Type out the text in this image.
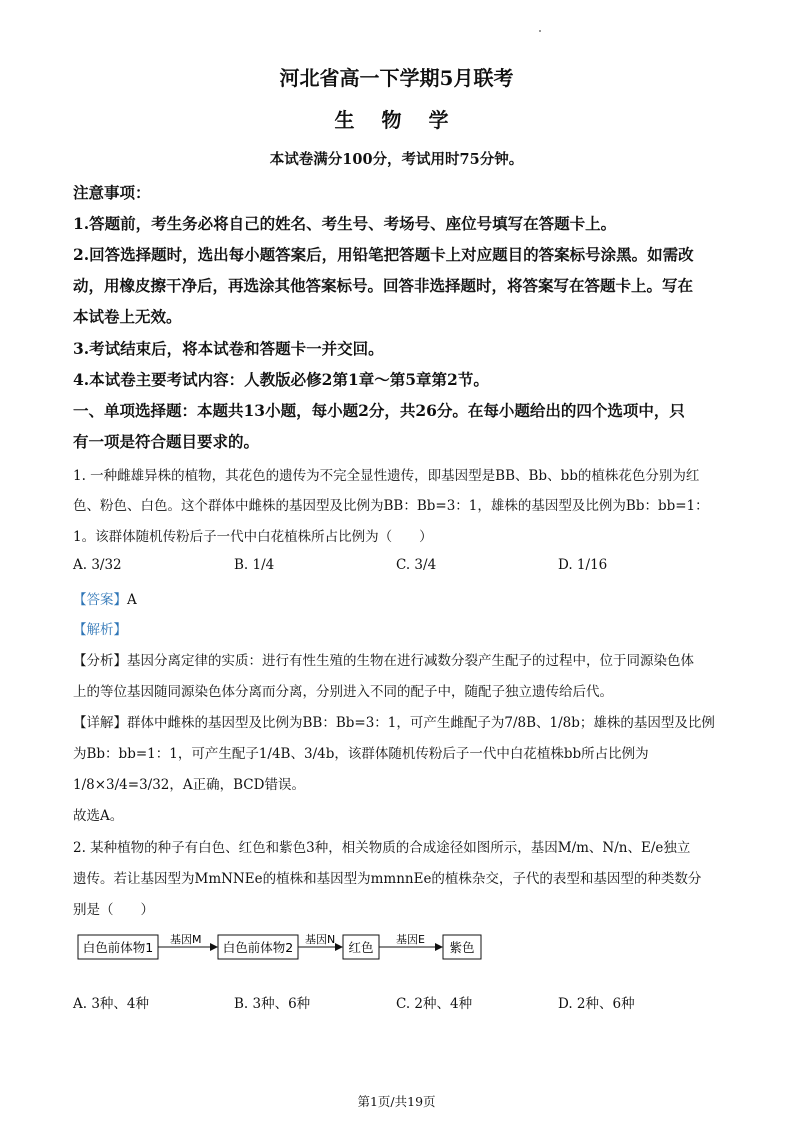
河北省高一下学期5月联考
生 物 学
本试卷满分100分，考试用时75分钟。
注意事项：
1.答题前，考生务必将自己的姓名、考生号、考场号、座位号填写在答题卡上。
2.回答选择题时，选出每小题答案后，用铅笔把答题卡上对应题目的答案标号涂黑。如需改
动，用橡皮擦干净后，再选涂其他答案标号。回答非选择题时，将答案写在答题卡上。写在
本试卷上无效。
3.考试结束后，将本试卷和答题卡一并交回。
4.本试卷主要考试内容：人教版必修2第1章～第5章第2节。
一、单项选择题：本题共13小题，每小题2分，共26分。在每小题给出的四个选项中，只
有一项是符合题目要求的。
1. 一种雌雄异株的植物，其花色的遗传为不完全显性遗传，即基因型是BB、Bb、bb的植株花色分别为红
色、粉色、白色。这个群体中雌株的基因型及比例为BB：Bb=3：1，雄株的基因型及比例为Bb：bb=1：
1。该群体随机传粉后子一代中白花植株所占比例为（　　）
A. 3/32	B. 1/4	C. 3/4	D. 1/16
【答案】A
【解析】
【分析】基因分离定律的实质：进行有性生殖的生物在进行减数分裂产生配子的过程中，位于同源染色体
上的等位基因随同源染色体分离而分离，分别进入不同的配子中，随配子独立遗传给后代。
【详解】群体中雌株的基因型及比例为BB：Bb=3：1，可产生雌配子为7/8B、1/8b；雄株的基因型及比例
为Bb：bb=1：1，可产生配子1/4B、3/4b，该群体随机传粉后子一代中白花植株bb所占比例为
1/8×3/4=3/32，A正确，BCD错误。
故选A。
2. 某种植物的种子有白色、红色和紫色3种，相关物质的合成途径如图所示，基因M/m、N/n、E/e独立
遗传。若让基因型为MmNNEe的植株和基因型为mmnnEe的植株杂交，子代的表型和基因型的种类数分
别是（　　）
白色前体物1
基因M
白色前体物2
基因N
红色
基因E
紫色
A. 3种、4种	B. 3种、6种	C. 2种、4种	D. 2种、6种
第1页/共19页
